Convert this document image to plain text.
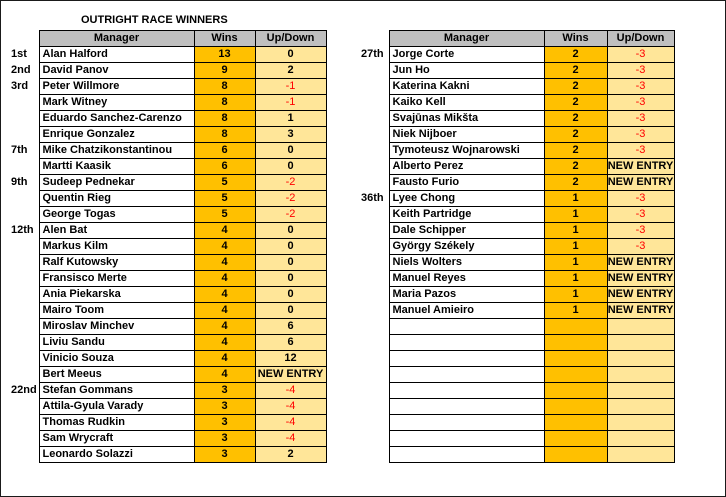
OUTRIGHT RACE WINNERS
	Manager	Wins	Up/Down
1st	Alan Halford	13	0
2nd	David Panov	9	2
3rd	Peter Willmore	8	-1
	Mark Witney	8	-1
	Eduardo Sanchez-Carenzo	8	1
	Enrique Gonzalez	8	3
7th	Mike Chatzikonstantinou	6	0
	Martti Kaasik	6	0
9th	Sudeep Pednekar	5	-2
	Quentin Rieg	5	-2
	George Togas	5	-2
12th	Alen Bat	4	0
	Markus Kilm	4	0
	Ralf Kutowsky	4	0
	Fransisco Merte	4	0
	Ania Piekarska	4	0
	Mairo Toom	4	0
	Miroslav Minchev	4	6
	Liviu Sandu	4	6
	Vinicio Souza	4	12
	Bert Meeus	4	NEW ENTRY
22nd	Stefan Gommans	3	-4
	Attila-Gyula Varady	3	-4
	Thomas Rudkin	3	-4
	Sam Wrycraft	3	-4
	Leonardo Solazzi	3	2
	Manager	Wins	Up/Down
27th	Jorge Corte	2	-3
	Jun Ho	2	-3
	Katerina Kakni	2	-3
	Kaiko Kell	2	-3
	Svajūnas Mikšta	2	-3
	Niek Nijboer	2	-3
	Tymoteusz Wojnarowski	2	-3
	Alberto Perez	2	NEW ENTRY
	Fausto Furio	2	NEW ENTRY
36th	Lyee Chong	1	-3
	Keith Partridge	1	-3
	Dale Schipper	1	-3
	György Székely	1	-3
	Niels Wolters	1	NEW ENTRY
	Manuel Reyes	1	NEW ENTRY
	Maria Pazos	1	NEW ENTRY
	Manuel Amieiro	1	NEW ENTRY
